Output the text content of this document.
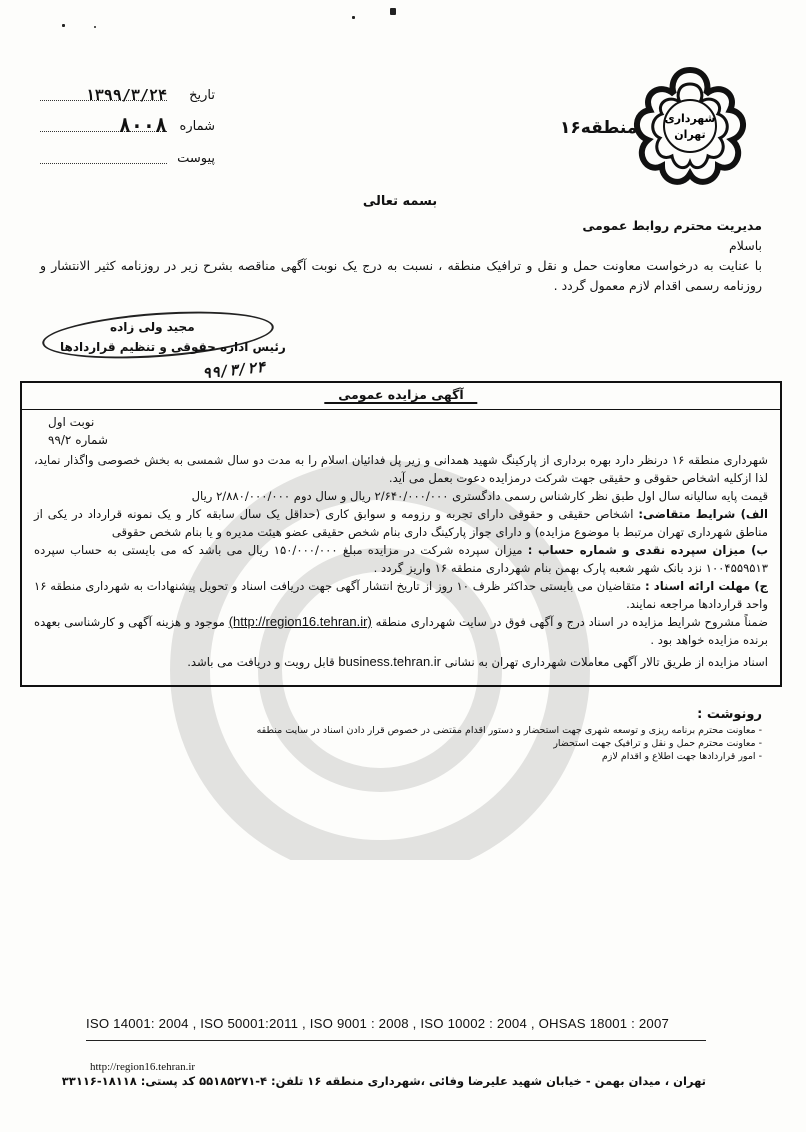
تاریخ
۱۳۹۹/۳/۲۴
شماره
۸۰۰۸
پیوست
منطقه۱۶ شهرداری
تهران
بسمه تعالی
مدیریت محترم روابط عمومی
باسلام
با عنایت به درخواست معاونت حمل و نقل و ترافیک منطقه ، نسبت به درج یک نوبت آگهی مناقصه بشرح زیر در روزنامه کثیر الانتشار و روزنامه رسمی اقدام لازم معمول گردد .
مجید ولی زاده
رئیس اداره حقوقی و تنظیم قراردادها
۹۹/۳/۲۴
آگهی مزایده عمومی
نوبت اول
شماره ۹۹/۲
شهرداری منطقه ۱۶ درنظر دارد بهره برداری از پارکینگ شهید همدانی و زیر پل فدائیان اسلام را به مدت دو سال شمسی به بخش خصوصی واگذار نماید، لذا ازکلیه اشخاص حقوقی و حقیقی جهت شرکت درمزایده دعوت بعمل می آید.
قیمت پایه سالیانه سال اول طبق نظر کارشناس رسمی دادگستری ۲/۶۴۰/۰۰۰/۰۰۰ ریال و سال دوم ۲/۸۸۰/۰۰۰/۰۰۰ ریال
الف) شرایط متقاضی: اشخاص حقیقی و حقوقی دارای تجربه و رزومه و سوابق کاری (حداقل یک سال سابقه کار و یک نمونه قرارداد در یکی از مناطق شهرداری تهران مرتبط با موضوع مزایده) و دارای جواز پارکینگ داری بنام شخص حقیقی عضو هیئت مدیره و یا بنام شخص حقوقی
ب) میزان سپرده نقدی و شماره حساب : میزان سپرده شرکت در مزایده مبلغ ۱۵۰/۰۰۰/۰۰۰ ریال می باشد که می بایستی به حساب سپرده ۱۰۰۴۵۵۹۵۱۳ نزد بانک شهر شعبه پارک بهمن بنام شهرداری منطقه ۱۶ واریز گردد .
ج) مهلت ارائه اسناد : متقاضیان می بایستی حداکثر ظرف ۱۰ روز از تاریخ انتشار آگهی جهت دریافت اسناد و تحویل پیشنهادات به شهرداری منطقه ۱۶ واحد قراردادها مراجعه نمایند.
ضمناً مشروح شرایط مزایده در اسناد درج و آگهی فوق در سایت شهرداری منطقه (http://region16.tehran.ir) موجود و هزینه آگهی و کارشناسی بعهده برنده مزایده خواهد بود .
اسناد مزایده از طریق تالار آگهی معاملات شهرداری تهران به نشانی business.tehran.ir قابل رویت و دریافت می باشد.
رونوشت :
- معاونت محترم برنامه ریزی و توسعه شهری جهت استحضار و دستور اقدام مقتضی در خصوص قرار دادن اسناد در سایت منطقه
- معاونت محترم حمل و نقل و ترافیک جهت استحضار
- امور قراردادها جهت اطلاع و اقدام لازم
ISO 14001: 2004 , ISO 50001:2011 , ISO 9001 : 2008 , ISO 10002 : 2004 , OHSAS 18001 : 2007
http://region16.tehran.ir
تهران ، میدان بهمن - خیابان شهید علیرضا وفائی ،شهرداری منطقه ۱۶ تلفن: ۴-۵۵۱۸۵۲۷۱ کد پستی: ۱۸۱۱۸-۳۳۱۱۶
